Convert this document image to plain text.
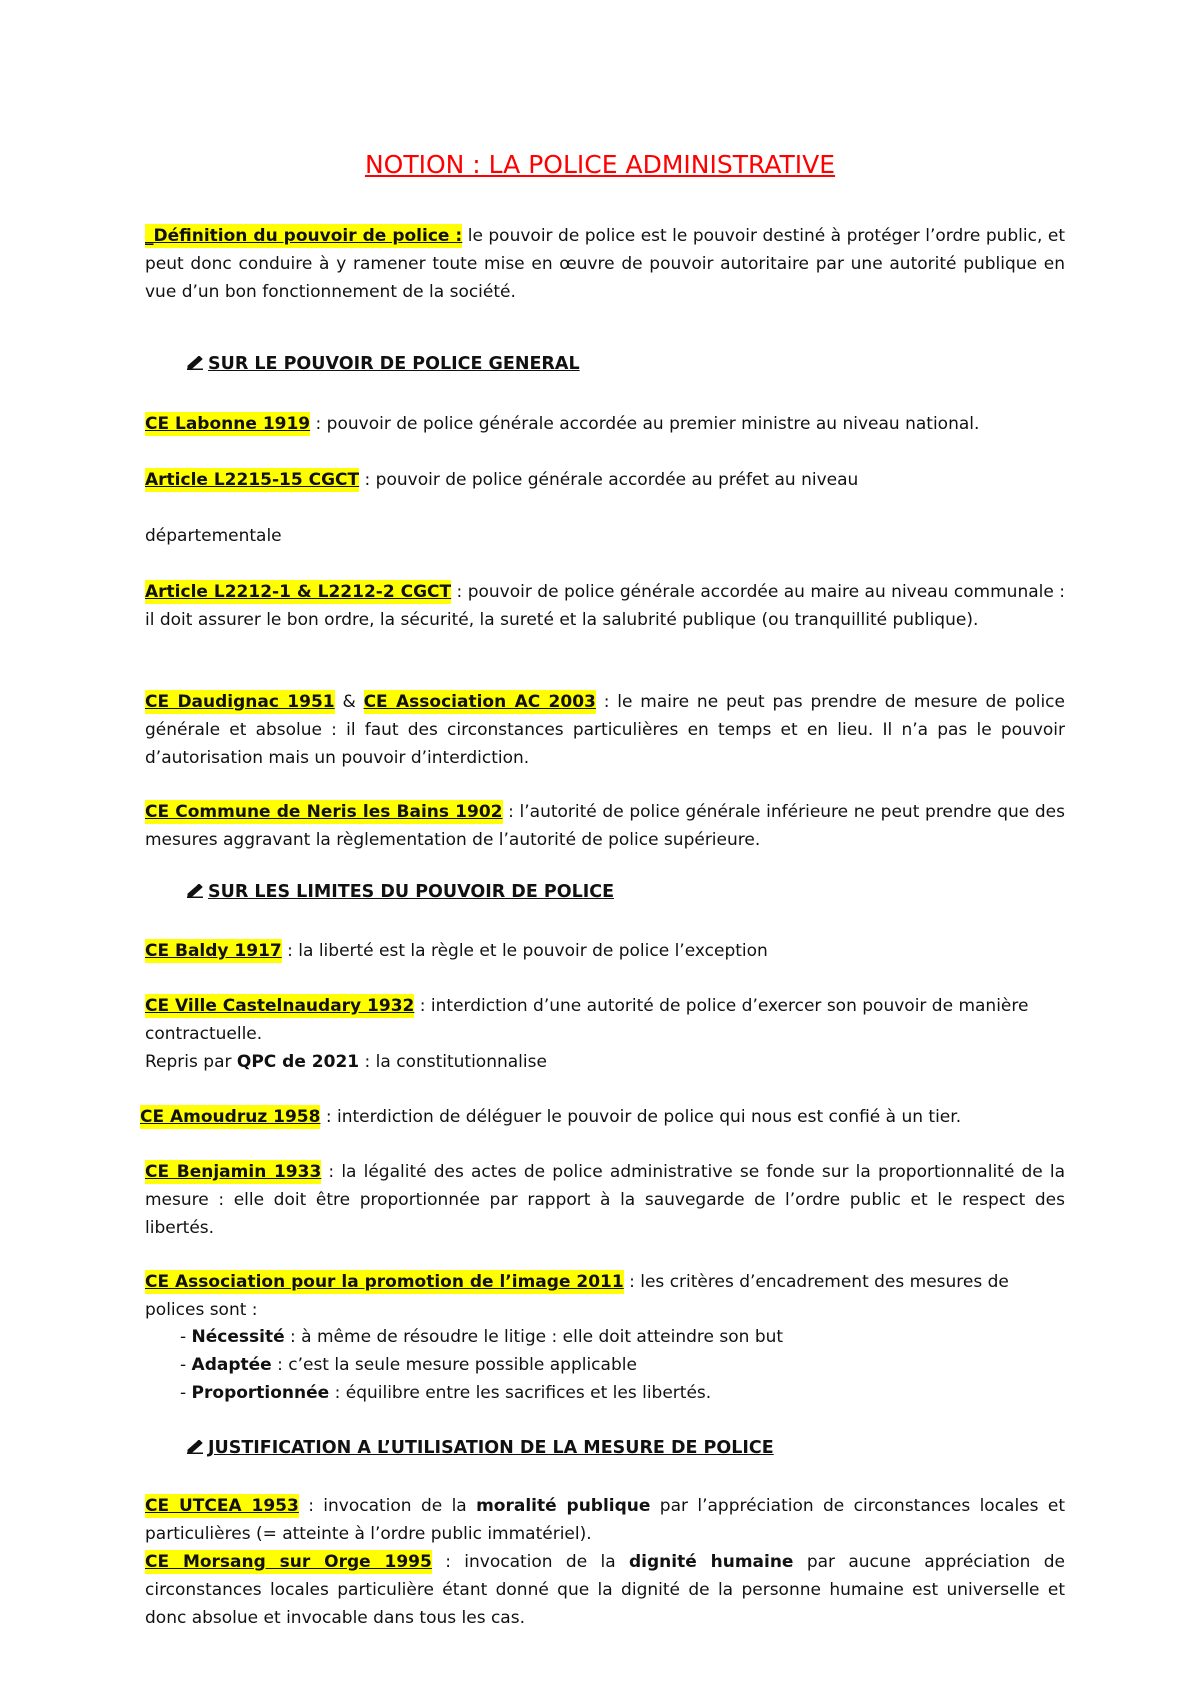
NOTION : LA POLICE ADMINISTRATIVE

_Définition du pouvoir de police : le pouvoir de police est le pouvoir destiné à protéger l’ordre public, et peut donc conduire à y ramener toute mise en œuvre de pouvoir autoritaire par une autorité publique en vue d’un bon fonctionnement de la société.

SUR LE POUVOIR DE POLICE GENERAL

CE Labonne 1919 : pouvoir de police générale accordée au premier ministre au niveau national.

Article L2215-15 CGCT : pouvoir de police générale accordée au préfet au niveau

départementale

Article L2212-1 & L2212-2 CGCT : pouvoir de police générale accordée au maire au niveau communale : il doit assurer le bon ordre, la sécurité, la sureté et la salubrité publique (ou tranquillité publique).

CE Daudignac 1951 & CE Association AC 2003 : le maire ne peut pas prendre de mesure de police générale et absolue : il faut des circonstances particulières en temps et en lieu. Il n’a pas le pouvoir d’autorisation mais un pouvoir d’interdiction.

CE Commune de Neris les Bains 1902 : l’autorité de police générale inférieure ne peut prendre que des mesures aggravant la règlementation de l’autorité de police supérieure.

SUR LES LIMITES DU POUVOIR DE POLICE

CE Baldy 1917 : la liberté est la règle et le pouvoir de police l’exception

CE Ville Castelnaudary 1932 : interdiction d’une autorité de police d’exercer son pouvoir de manière contractuelle.

Repris par QPC de 2021 : la constitutionnalise

CE Amoudruz 1958 : interdiction de déléguer le pouvoir de police qui nous est confié à un tier.

CE Benjamin 1933 : la légalité des actes de police administrative se fonde sur la proportionnalité de la mesure : elle doit être proportionnée par rapport à la sauvegarde de l’ordre public et le respect des libertés.

CE Association pour la promotion de l’image 2011 : les critères d’encadrement des mesures de polices sont :

- Nécessité : à même de résoudre le litige : elle doit atteindre son but
- Adaptée : c’est la seule mesure possible applicable
- Proportionnée : équilibre entre les sacrifices et les libertés.

JUSTIFICATION A L’UTILISATION DE LA MESURE DE POLICE

CE UTCEA 1953 : invocation de la moralité publique par l’appréciation de circonstances locales et particulières (= atteinte à l’ordre public immatériel).

CE Morsang sur Orge 1995 : invocation de la dignité humaine par aucune appréciation de circonstances locales particulière étant donné que la dignité de la personne humaine est universelle et donc absolue et invocable dans tous les cas.
